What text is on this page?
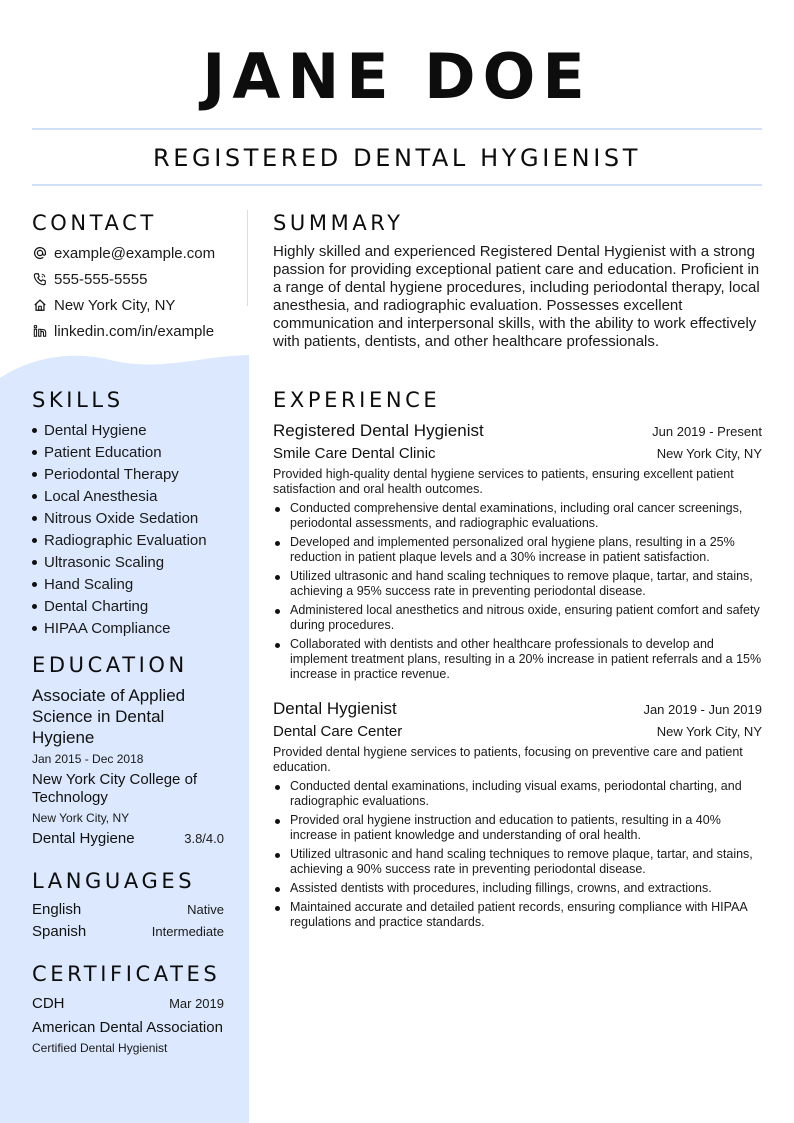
JANE DOE
REGISTERED DENTAL HYGIENIST
CONTACT
example@example.com
555-555-5555
New York City, NY
linkedin.com/in/example
SKILLS
Dental Hygiene
Patient Education
Periodontal Therapy
Local Anesthesia
Nitrous Oxide Sedation
Radiographic Evaluation
Ultrasonic Scaling
Hand Scaling
Dental Charting
HIPAA Compliance
EDUCATION
Associate of Applied Science in Dental Hygiene
Jan 2015 - Dec 2018
New York City College of Technology
New York City, NY
Dental Hygiene	3.8/4.0
LANGUAGES
English	Native
Spanish	Intermediate
CERTIFICATES
CDH	Mar 2019
American Dental Association
Certified Dental Hygienist
SUMMARY
Highly skilled and experienced Registered Dental Hygienist with a strong passion for providing exceptional patient care and education. Proficient in a range of dental hygiene procedures, including periodontal therapy, local anesthesia, and radiographic evaluation. Possesses excellent communication and interpersonal skills, with the ability to work effectively with patients, dentists, and other healthcare professionals.
EXPERIENCE
Registered Dental Hygienist	Jun 2019 - Present
Smile Care Dental Clinic	New York City, NY
Provided high-quality dental hygiene services to patients, ensuring excellent patient satisfaction and oral health outcomes.
Conducted comprehensive dental examinations, including oral cancer screenings, periodontal assessments, and radiographic evaluations.
Developed and implemented personalized oral hygiene plans, resulting in a 25% reduction in patient plaque levels and a 30% increase in patient satisfaction.
Utilized ultrasonic and hand scaling techniques to remove plaque, tartar, and stains, achieving a 95% success rate in preventing periodontal disease.
Administered local anesthetics and nitrous oxide, ensuring patient comfort and safety during procedures.
Collaborated with dentists and other healthcare professionals to develop and implement treatment plans, resulting in a 20% increase in patient referrals and a 15% increase in practice revenue.
Dental Hygienist	Jan 2019 - Jun 2019
Dental Care Center	New York City, NY
Provided dental hygiene services to patients, focusing on preventive care and patient education.
Conducted dental examinations, including visual exams, periodontal charting, and radiographic evaluations.
Provided oral hygiene instruction and education to patients, resulting in a 40% increase in patient knowledge and understanding of oral health.
Utilized ultrasonic and hand scaling techniques to remove plaque, tartar, and stains, achieving a 90% success rate in preventing periodontal disease.
Assisted dentists with procedures, including fillings, crowns, and extractions.
Maintained accurate and detailed patient records, ensuring compliance with HIPAA regulations and practice standards.
